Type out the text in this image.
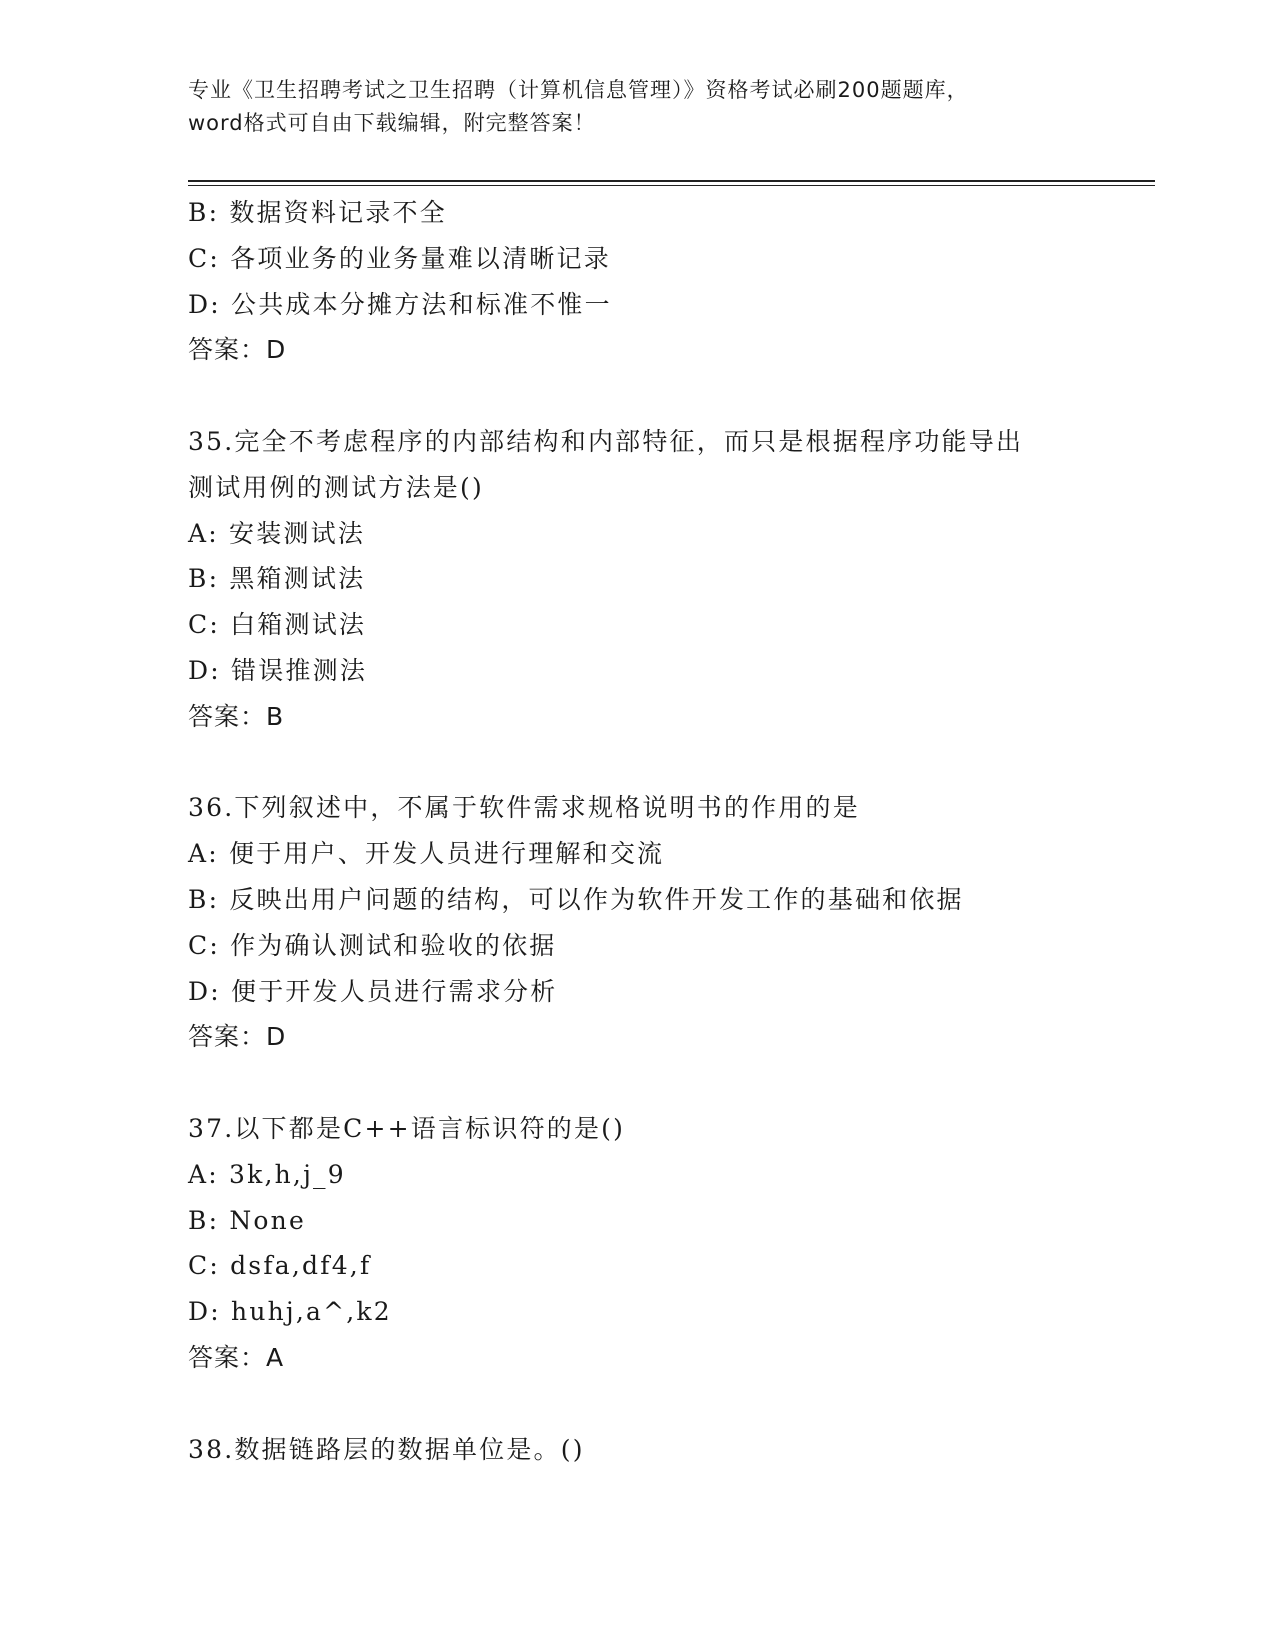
专业《卫生招聘考试之卫生招聘（计算机信息管理）》资格考试必刷200题题库，
word格式可自由下载编辑，附完整答案！
B: 数据资料记录不全
C: 各项业务的业务量难以清晰记录
D: 公共成本分摊方法和标准不惟一
答案：D
35.完全不考虑程序的内部结构和内部特征，而只是根据程序功能导出
测试用例的测试方法是()
A: 安装测试法
B: 黑箱测试法
C: 白箱测试法
D: 错误推测法
答案：B
36.下列叙述中，不属于软件需求规格说明书的作用的是
A: 便于用户、开发人员进行理解和交流
B: 反映出用户问题的结构，可以作为软件开发工作的基础和依据
C: 作为确认测试和验收的依据
D: 便于开发人员进行需求分析
答案：D
37.以下都是C++语言标识符的是()
A: 3k,h,j_9
B: None
C: dsfa,df4,f
D: huhj,a^,k2
答案：A
38.数据链路层的数据单位是。()
